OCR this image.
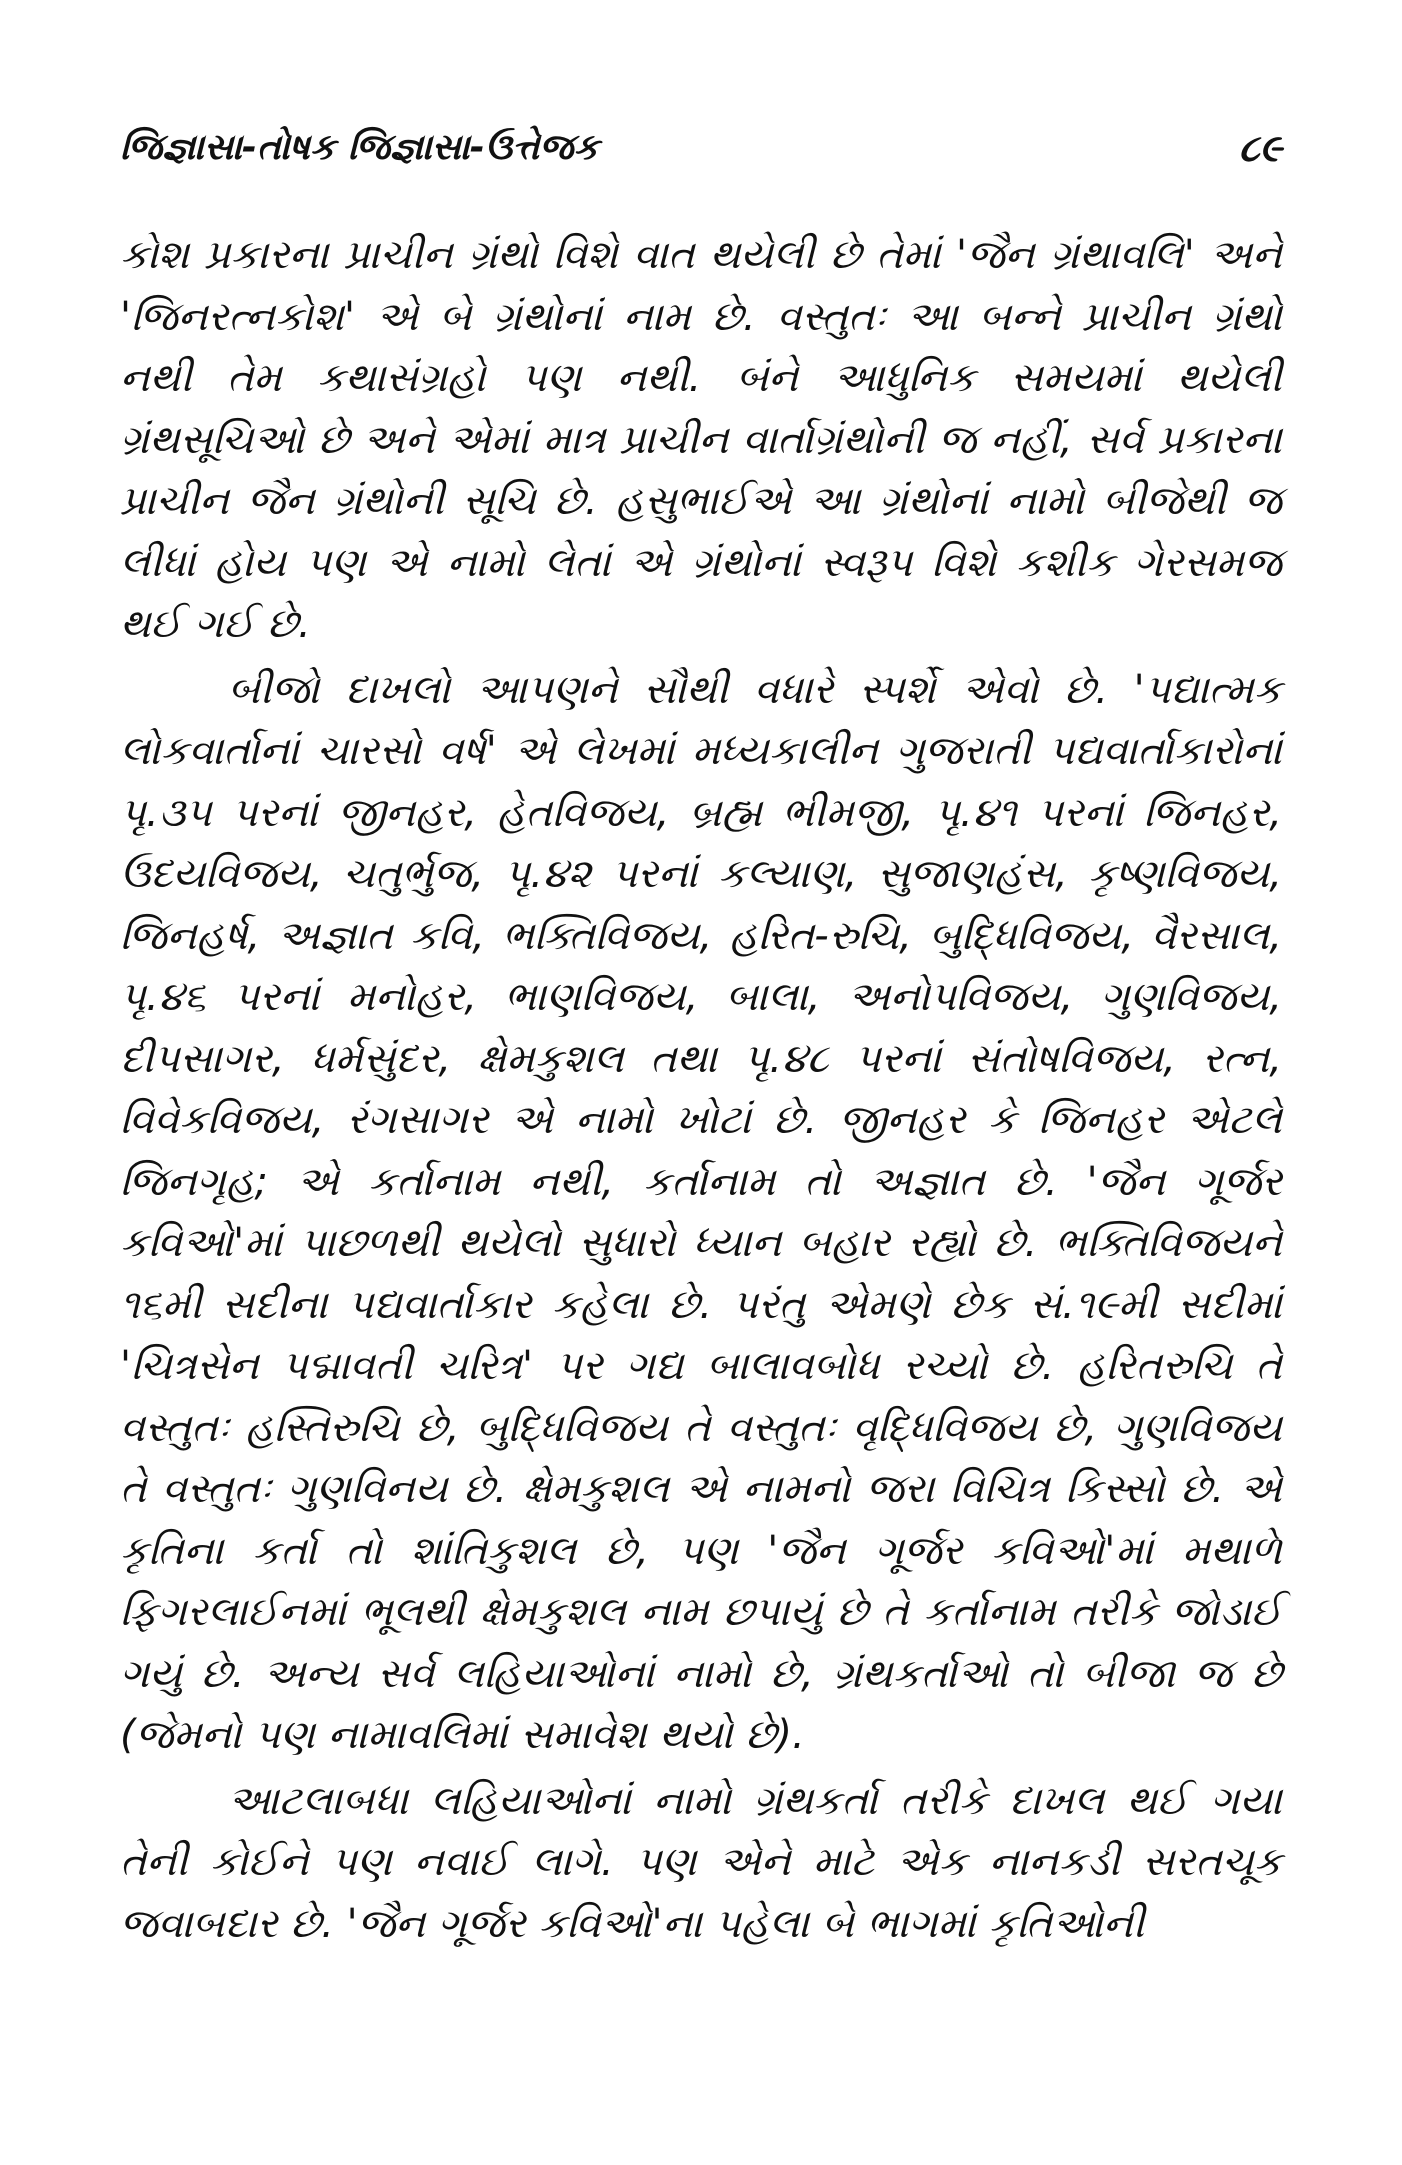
જિજ્ઞાસા-તોષક જિજ્ઞાસા-ઉત્તેજક	૮૯

કોશ પ્રકારના પ્રાચીન ગ્રંથો વિશે વાત થયેલી છે તેમાં 'જૈન ગ્રંથાવલિ' અને 'જિનરત્નકોશ' એ બે ગ્રંથોનાં નામ છે. વસ્તુતઃ આ બન્ને પ્રાચીન ગ્રંથો નથી તેમ કથાસંગ્રહો પણ નથી. બંને આધુનિક સમયમાં થયેલી ગ્રંથસૂચિઓ છે અને એમાં માત્ર પ્રાચીન વાર્તાગ્રંથોની જ નહીં, સર્વ પ્રકારના પ્રાચીન જૈન ગ્રંથોની સૂચિ છે. હસુભાઈએ આ ગ્રંથોનાં નામો બીજેથી જ લીધાં હોય પણ એ નામો લેતાં એ ગ્રંથોનાં સ્વરૂપ વિશે કશીક ગેરસમજ થઈ ગઈ છે.

બીજો દાખલો આપણને સૌથી વધારે સ્પર્શે એવો છે. 'પદ્યાત્મક લોકવાર્તાનાં ચારસો વર્ષ' એ લેખમાં મધ્યકાલીન ગુજરાતી પદ્યવાર્તાકારોનાં પૃ.૩૫ પરનાં જીનહર, હેતવિજય, બ્રહ્મ ભીમજી, પૃ.૪૧ પરનાં જિનહર, ઉદયવિજય, ચતુર્ભુજ, પૃ.૪૨ પરનાં કલ્યાણ, સુજાણહંસ, કૃષ્ણવિજય, જિનહર્ષ, અજ્ઞાત કવિ, ભક્તિવિજય, હરિત-રુચિ, બુદ્ધિવિજય, વૈરસાલ, પૃ.૪૬ પરનાં મનોહર, ભાણવિજય, બાલા, અનોપવિજય, ગુણવિજય, દીપસાગર, ધર્મસુંદર, ક્ષેમકુશલ તથા પૃ.૪૮ પરનાં સંતોષવિજય, રત્ન, વિવેકવિજય, રંગસાગર એ નામો ખોટાં છે. જીનહર કે જિનહર એટલે જિનગૃહ; એ કર્તાનામ નથી, કર્તાનામ તો અજ્ઞાત છે. 'જૈન ગૂર્જર કવિઓ'માં પાછળથી થયેલો સુધારો ધ્યાન બહાર રહ્યો છે. ભક્તિવિજયને ૧૬મી સદીના પદ્યવાર્તાકાર કહેલા છે. પરંતુ એમણે છેક સં.૧૯મી સદીમાં 'ચિત્રસેન પદ્માવતી ચરિત્ર' પર ગદ્ય બાલાવબોધ રચ્યો છે. હરિતરુચિ તે વસ્તુતઃ હસ્તિરુચિ છે, બુદ્ધિવિજય તે વસ્તુતઃ વૃદ્ધિવિજય છે, ગુણવિજય તે વસ્તુતઃ ગુણવિનય છે. ક્ષેમકુશલ એ નામનો જરા વિચિત્ર કિસ્સો છે. એ કૃતિના કર્તા તો શાંતિકુશલ છે, પણ 'જૈન ગૂર્જર કવિઓ'માં મથાળે ફિગરલાઈનમાં ભૂલથી ક્ષેમકુશલ નામ છપાયું છે તે કર્તાનામ તરીકે જોડાઈ ગયું છે. અન્ય સર્વ લહિયાઓનાં નામો છે, ગ્રંથકર્તાઓ તો બીજા જ છે (જેમનો પણ નામાવલિમાં સમાવેશ થયો છે).

આટલાબધા લહિયાઓનાં નામો ગ્રંથકર્તા તરીકે દાખલ થઈ ગયા તેની કોઈને પણ નવાઈ લાગે. પણ એને માટે એક નાનકડી સરતચૂક જવાબદાર છે. 'જૈન ગૂર્જર કવિઓ'ના પહેલા બે ભાગમાં કૃતિઓની
